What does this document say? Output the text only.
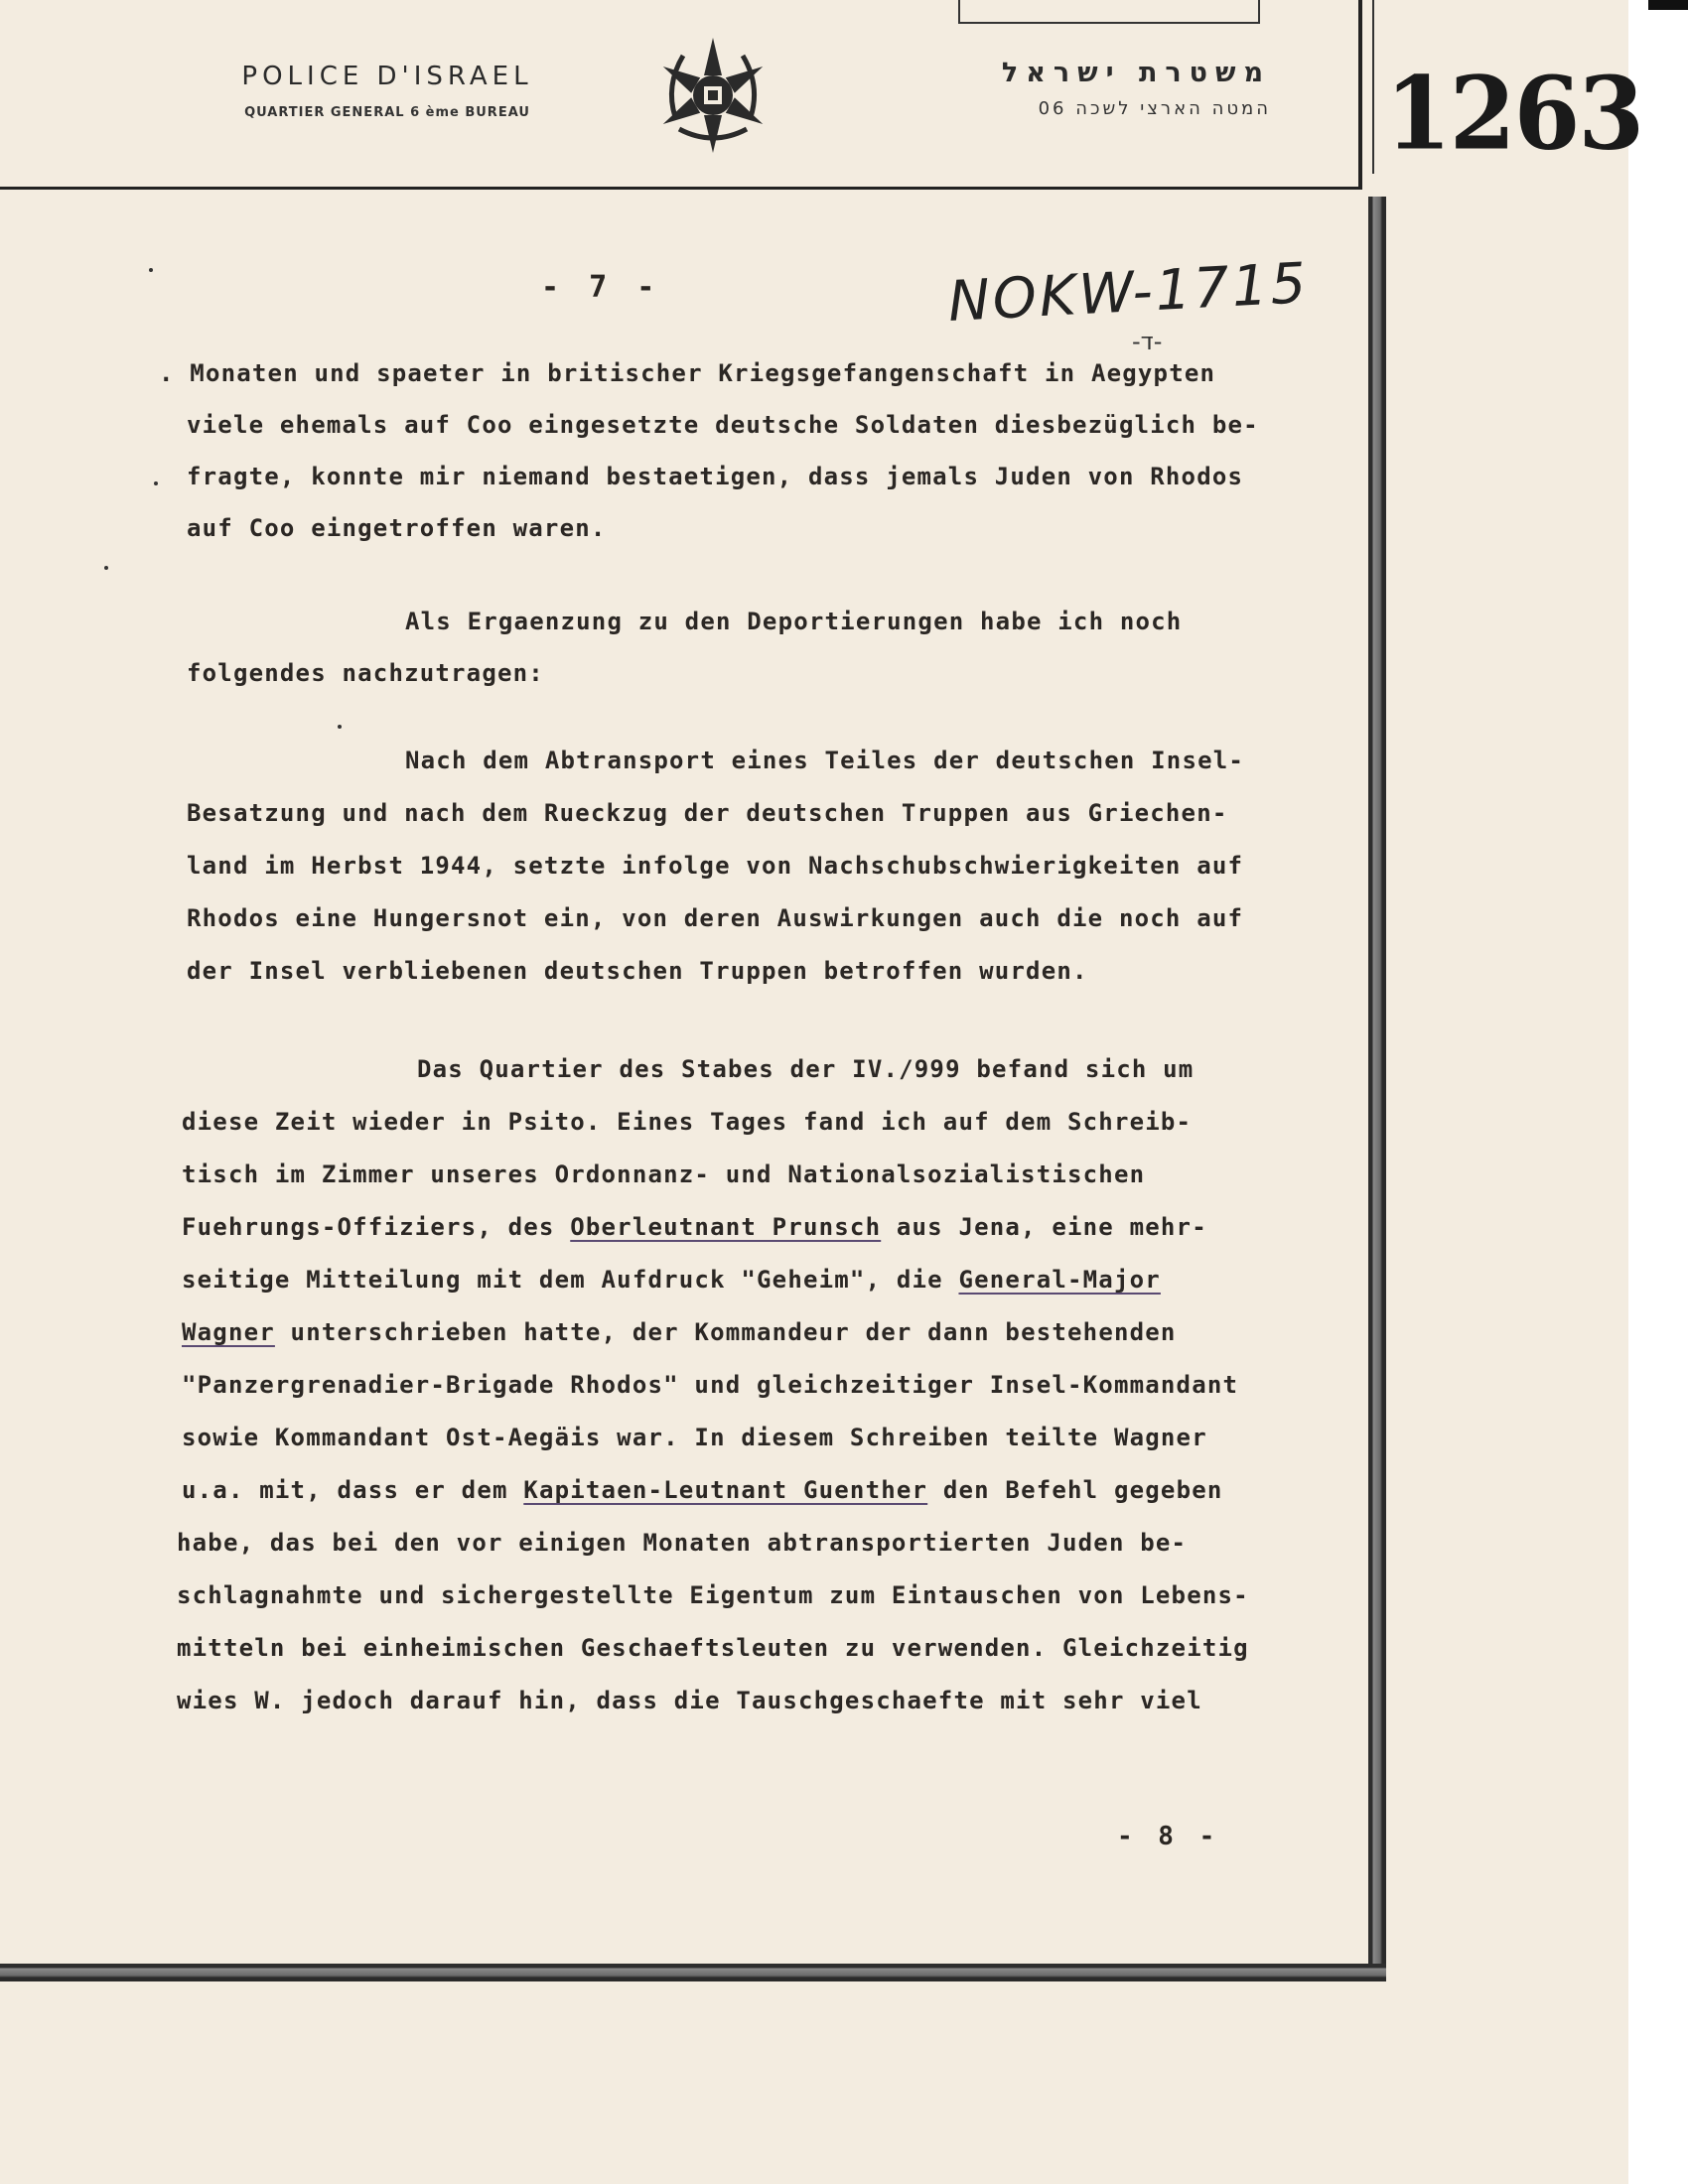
POLICE D'ISRAEL
QUARTIER GENERAL 6 ème BUREAU
משטרת ישראל
המטה הארצי לשכה 06 1263
- 7 -	NOKW-1715
-ד-
. Monaten und spaeter in britischer Kriegsgefangenschaft in Aegypten
viele ehemals auf Coo eingesetzte deutsche Soldaten diesbezüglich be-
fragte, konnte mir niemand bestaetigen, dass jemals Juden von Rhodos
auf Coo eingetroffen waren.
Als Ergaenzung zu den Deportierungen habe ich noch
folgendes nachzutragen:
Nach dem Abtransport eines Teiles der deutschen Insel-
Besatzung und nach dem Rueckzug der deutschen Truppen aus Griechen-
land im Herbst 1944, setzte infolge von Nachschubschwierigkeiten auf
Rhodos eine Hungersnot ein, von deren Auswirkungen auch die noch auf
der Insel verbliebenen deutschen Truppen betroffen wurden.
Das Quartier des Stabes der IV./999 befand sich um
diese Zeit wieder in Psito. Eines Tages fand ich auf dem Schreib-
tisch im Zimmer unseres Ordonnanz- und Nationalsozialistischen
Fuehrungs-Offiziers, des Oberleutnant Prunsch aus Jena, eine mehr-
seitige Mitteilung mit dem Aufdruck "Geheim", die General-Major
Wagner unterschrieben hatte, der Kommandeur der dann bestehenden
"Panzergrenadier-Brigade Rhodos" und gleichzeitiger Insel-Kommandant
sowie Kommandant Ost-Aegäis war. In diesem Schreiben teilte Wagner
u.a. mit, dass er dem Kapitaen-Leutnant Guenther den Befehl gegeben
habe, das bei den vor einigen Monaten abtransportierten Juden be-
schlagnahmte und sichergestellte Eigentum zum Eintauschen von Lebens-
mitteln bei einheimischen Geschaeftsleuten zu verwenden. Gleichzeitig
wies W. jedoch darauf hin, dass die Tauschgeschaefte mit sehr viel
- 8 -
